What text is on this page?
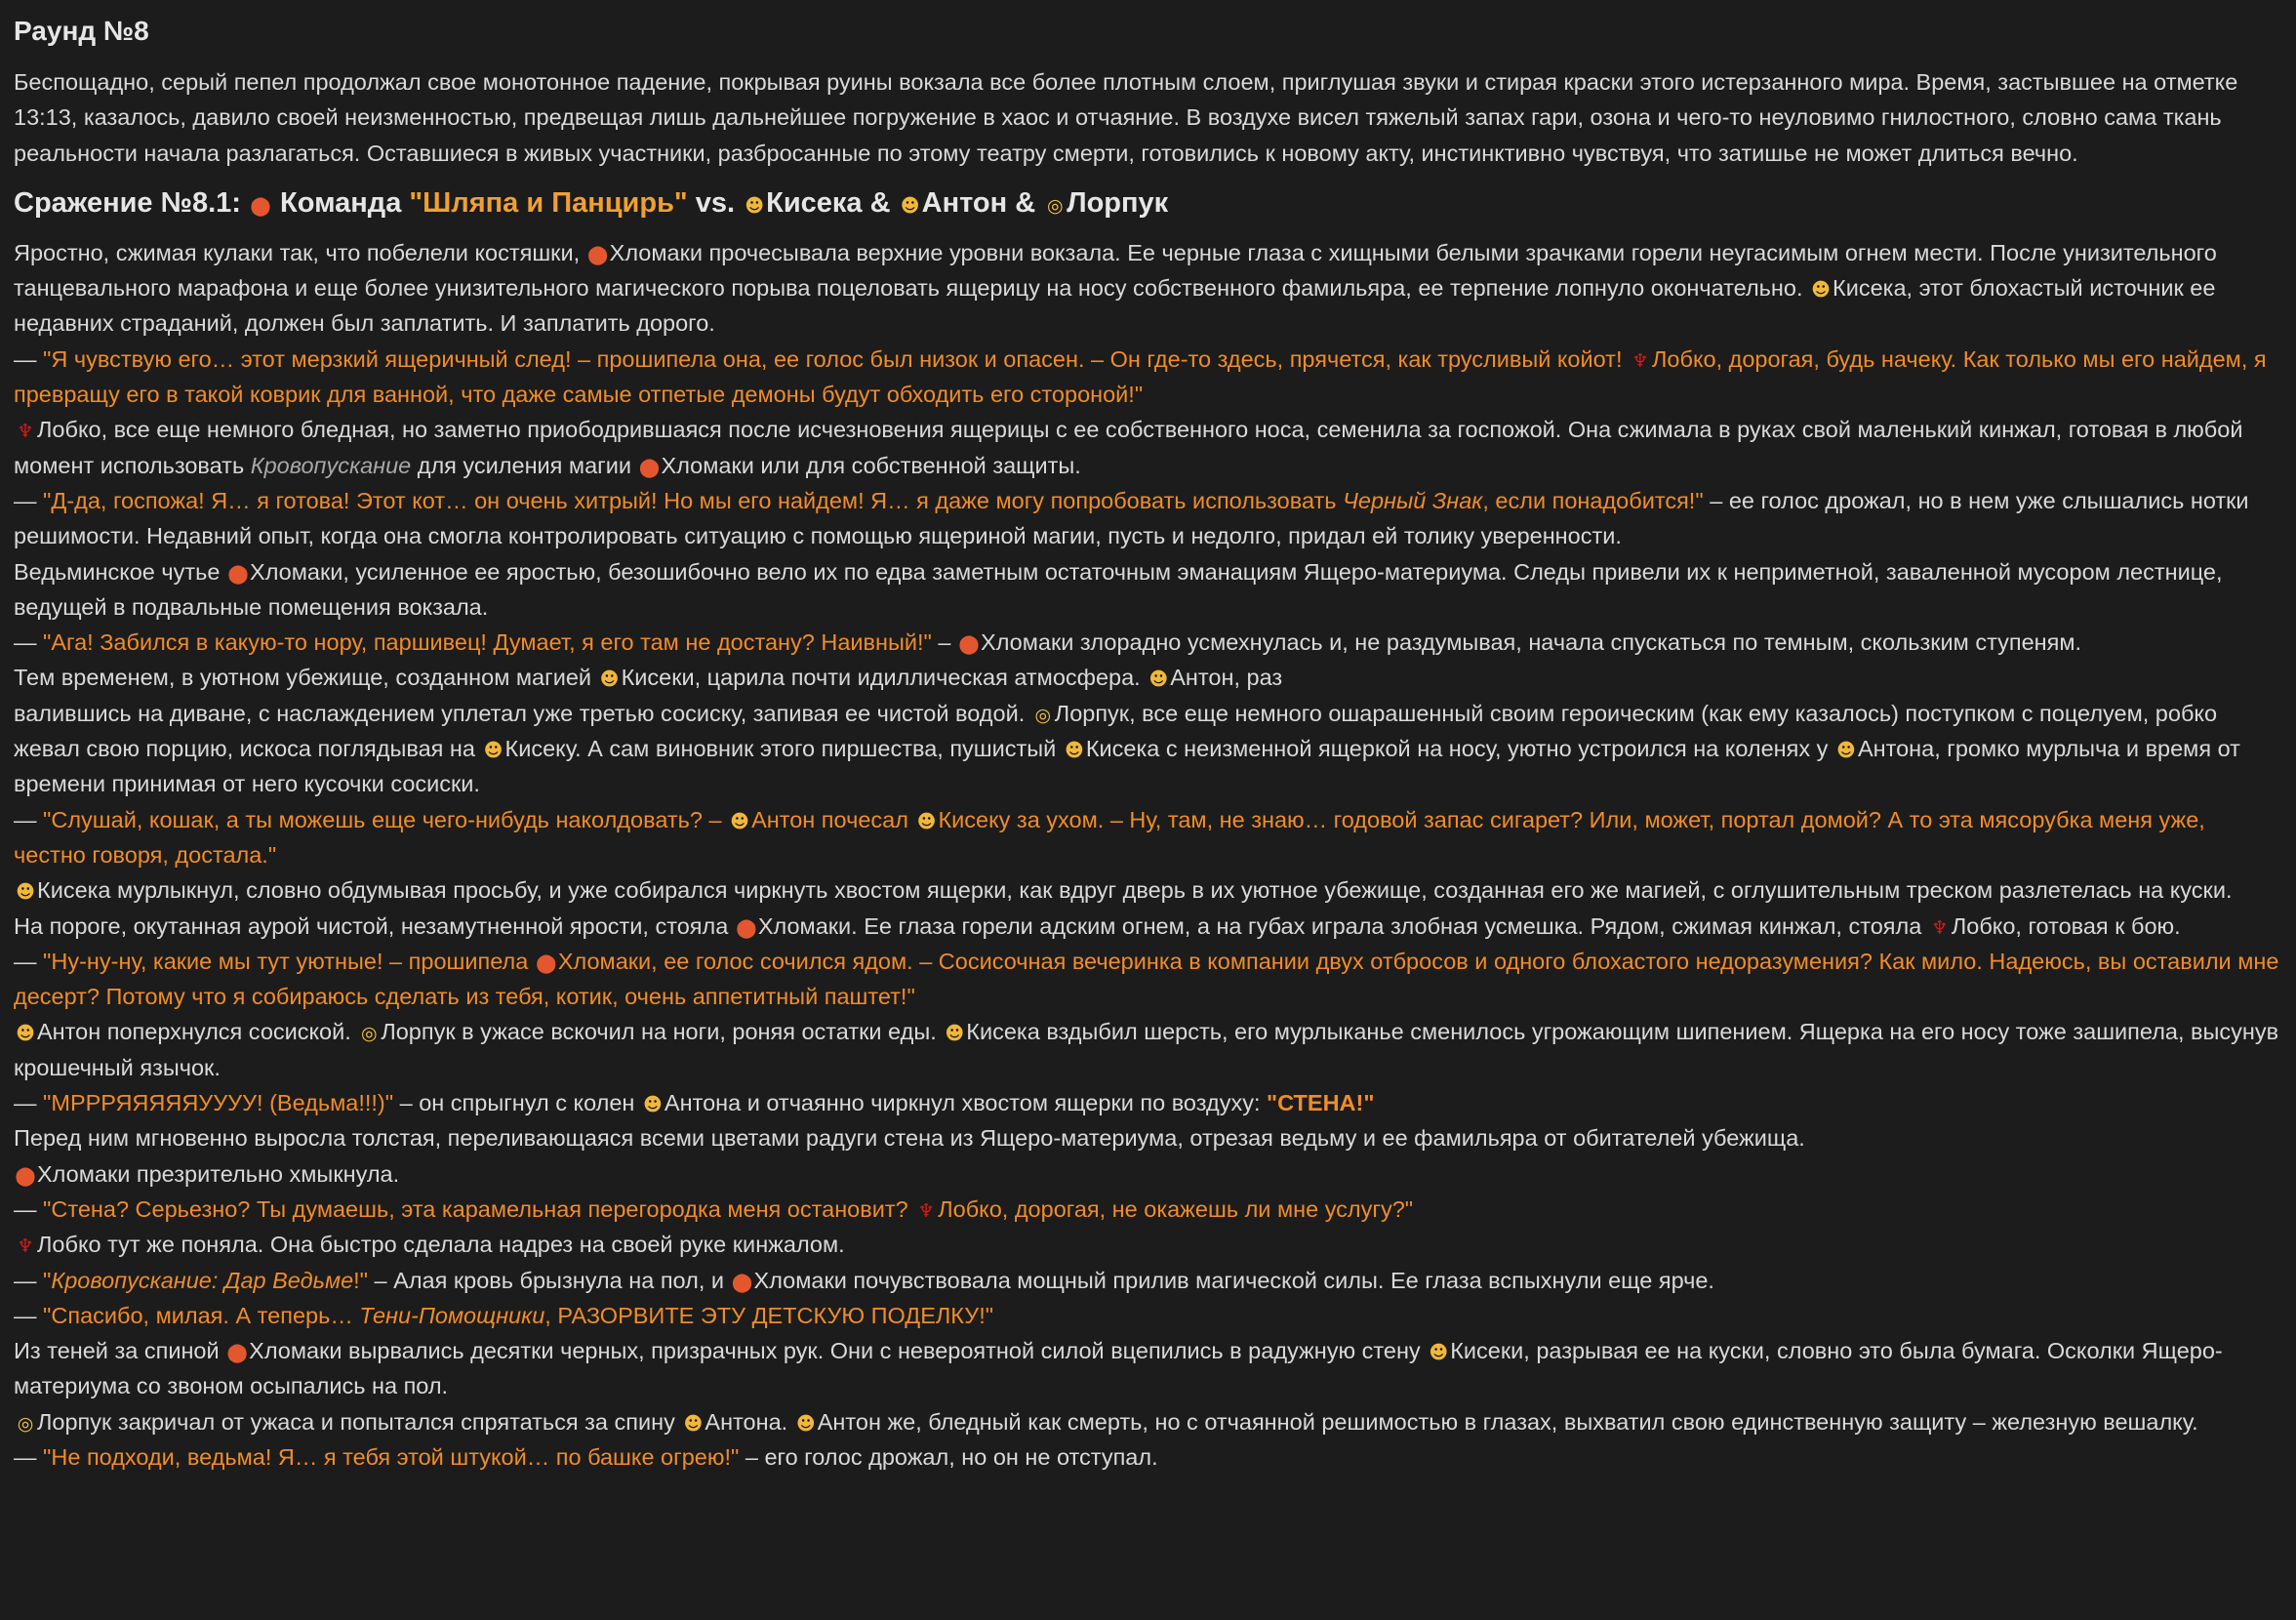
Раунд №8

Беспощадно, серый пепел продолжал свое монотонное падение, покрывая руины вокзала все более плотным слоем, приглушая звуки и стирая краски этого истерзанного мира. Время, застывшее на отметке 13:13, казалось, давило своей неизменностью, предвещая лишь дальнейшее погружение в хаос и отчаяние. В воздухе висел тяжелый запах гари, озона и чего-то неуловимо гнилостного, словно сама ткань реальности начала разлагаться. Оставшиеся в живых участники, разбросанные по этому театру смерти, готовились к новому акту, инстинктивно чувствуя, что затишье не может длиться вечно.

Сражение №8.1: ⬤ Команда "Шляпа и Панцирь" vs. ☻Кисека & ☻Антон & ◎ Лорпук

Яростно, сжимая кулаки так, что побелели костяшки, ⬤Хломаки прочесывала верхние уровни вокзала. Ее черные глаза с хищными белыми зрачками горели неугасимым огнем мести. После унизительного танцевального марафона и еще более унизительного магического порыва поцеловать ящерицу на носу собственного фамильяра, ее терпение лопнуло окончательно. ☻Кисека, этот блохастый источник ее недавних страданий, должен был заплатить. И заплатить дорого.

— "Я чувствую его… этот мерзкий ящеричный след! – прошипела она, ее голос был низок и опасен. – Он где-то здесь, прячется, как трусливый койот! ♆ Лобко, дорогая, будь начеку. Как только мы его найдем, я превращу его в такой коврик для ванной, что даже самые отпетые демоны будут обходить его стороной!"

♆ Лобко, все еще немного бледная, но заметно приободрившаяся после исчезновения ящерицы с ее собственного носа, семенила за госпожой. Она сжимала в руках свой маленький кинжал, готовая в любой момент использовать Кровопускание для усиления магии ⬤Хломаки или для собственной защиты.

— "Д-да, госпожа! Я… я готова! Этот кот… он очень хитрый! Но мы его найдем! Я… я даже могу попробовать использовать Черный Знак, если понадобится!" – ее голос дрожал, но в нем уже слышались нотки решимости. Недавний опыт, когда она смогла контролировать ситуацию с помощью ящериной магии, пусть и недолго, придал ей толику уверенности.

Ведьминское чутье ⬤Хломаки, усиленное ее яростью, безошибочно вело их по едва заметным остаточным эманациям Ящеро-материума. Следы привели их к неприметной, заваленной мусором лестнице, ведущей в подвальные помещения вокзала.

— "Ага! Забился в какую-то нору, паршивец! Думает, я его там не достану? Наивный!" – ⬤Хломаки злорадно усмехнулась и, не раздумывая, начала спускаться по темным, скользким ступеням.

Тем временем, в уютном убежище, созданном магией ☻Кисеки, царила почти идиллическая атмосфера. ☻Антон, раз

валившись на диване, с наслаждением уплетал уже третью сосиску, запивая ее чистой водой. ◎ Лорпук, все еще немного ошарашенный своим героическим (как ему казалось) поступком с поцелуем, робко жевал свою порцию, искоса поглядывая на ☻Кисеку. А сам виновник этого пиршества, пушистый ☻Кисека с неизменной ящеркой на носу, уютно устроился на коленях у ☻Антона, громко мурлыча и время от времени принимая от него кусочки сосиски.

— "Слушай, кошак, а ты можешь еще чего-нибудь наколдовать? – ☻Антон почесал ☻Кисеку за ухом. – Ну, там, не знаю… годовой запас сигарет? Или, может, портал домой? А то эта мясорубка меня уже, честно говоря, достала."

☻Кисека мурлыкнул, словно обдумывая просьбу, и уже собирался чиркнуть хвостом ящерки, как вдруг дверь в их уютное убежище, созданная его же магией, с оглушительным треском разлетелась на куски.

На пороге, окутанная аурой чистой, незамутненной ярости, стояла ⬤Хломаки. Ее глаза горели адским огнем, а на губах играла злобная усмешка. Рядом, сжимая кинжал, стояла ♆ Лобко, готовая к бою.

— "Ну-ну-ну, какие мы тут уютные! – прошипела ⬤Хломаки, ее голос сочился ядом. – Сосисочная вечеринка в компании двух отбросов и одного блохастого недоразумения? Как мило. Надеюсь, вы оставили мне десерт? Потому что я собираюсь сделать из тебя, котик, очень аппетитный паштет!"

☻Антон поперхнулся сосиской. ◎ Лорпук в ужасе вскочил на ноги, роняя остатки еды. ☻Кисека вздыбил шерсть, его мурлыканье сменилось угрожающим шипением. Ящерка на его носу тоже зашипела, высунув крошечный язычок.

— "МРРРЯЯЯЯЯУУУУ! (Ведьма!!!)" – он спрыгнул с колен ☻Антона и отчаянно чиркнул хвостом ящерки по воздуху: "СТЕНА!"

Перед ним мгновенно выросла толстая, переливающаяся всеми цветами радуги стена из Ящеро-материума, отрезая ведьму и ее фамильяра от обитателей убежища.

⬤Хломаки презрительно хмыкнула.

— "Стена? Серьезно? Ты думаешь, эта карамельная перегородка меня остановит? ♆ Лобко, дорогая, не окажешь ли мне услугу?"

♆ Лобко тут же поняла. Она быстро сделала надрез на своей руке кинжалом.

— "Кровопускание: Дар Ведьме!" – Алая кровь брызнула на пол, и ⬤Хломаки почувствовала мощный прилив магической силы. Ее глаза вспыхнули еще ярче.

— "Спасибо, милая. А теперь… Тени-Помощники, РАЗОРВИТЕ ЭТУ ДЕТСКУЮ ПОДЕЛКУ!"

Из теней за спиной ⬤Хломаки вырвались десятки черных, призрачных рук. Они с невероятной силой вцепились в радужную стену ☻Кисеки, разрывая ее на куски, словно это была бумага. Осколки Ящеро-материума со звоном осыпались на пол.

◎ Лорпук закричал от ужаса и попытался спрятаться за спину ☻Антона. ☻Антон же, бледный как смерть, но с отчаянной решимостью в глазах, выхватил свою единственную защиту – железную вешалку.

— "Не подходи, ведьма! Я… я тебя этой штукой… по башке огрею!" – его голос дрожал, но он не отступал.
